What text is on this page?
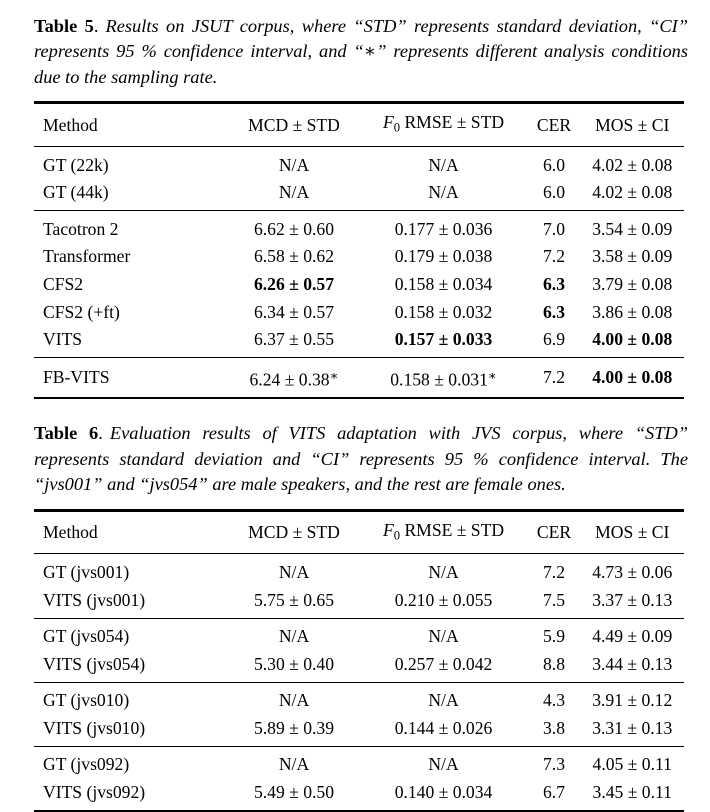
Table 5. Results on JSUT corpus, where “STD” represents standard deviation, “CI” represents 95 % confidence interval, and “∗” represents different analysis conditions due to the sampling rate.

Method	MCD ± STD	$F_0$ RMSE ± STD	CER	MOS ± CI

GT (22k)	N/A	N/A	6.0	4.02 ± 0.08
GT (44k)	N/A	N/A	6.0	4.02 ± 0.08

Tacotron 2	6.62 ± 0.60	0.177 ± 0.036	7.0	3.54 ± 0.09
Transformer	6.58 ± 0.62	0.179 ± 0.038	7.2	3.58 ± 0.09
CFS2	6.26 ± 0.57	0.158 ± 0.034	6.3	3.79 ± 0.08
CFS2 (+ft)	6.34 ± 0.57	0.158 ± 0.032	6.3	3.86 ± 0.08
VITS	6.37 ± 0.55	0.157 ± 0.033	6.9	4.00 ± 0.08

FB-VITS	6.24 ± 0.38∗	0.158 ± 0.031∗	7.2	4.00 ± 0.08

Table 6. Evaluation results of VITS adaptation with JVS corpus, where “STD” represents standard deviation and “CI” represents 95 % confidence interval. The “jvs001” and “jvs054” are male speakers, and the rest are female ones.

Method	MCD ± STD	$F_0$ RMSE ± STD	CER	MOS ± CI

GT (jvs001)	N/A	N/A	7.2	4.73 ± 0.06
VITS (jvs001)	5.75 ± 0.65	0.210 ± 0.055	7.5	3.37 ± 0.13

GT (jvs054)	N/A	N/A	5.9	4.49 ± 0.09
VITS (jvs054)	5.30 ± 0.40	0.257 ± 0.042	8.8	3.44 ± 0.13

GT (jvs010)	N/A	N/A	4.3	3.91 ± 0.12
VITS (jvs010)	5.89 ± 0.39	0.144 ± 0.026	3.8	3.31 ± 0.13

GT (jvs092)	N/A	N/A	7.3	4.05 ± 0.11
VITS (jvs092)	5.49 ± 0.50	0.140 ± 0.034	6.7	3.45 ± 0.11
